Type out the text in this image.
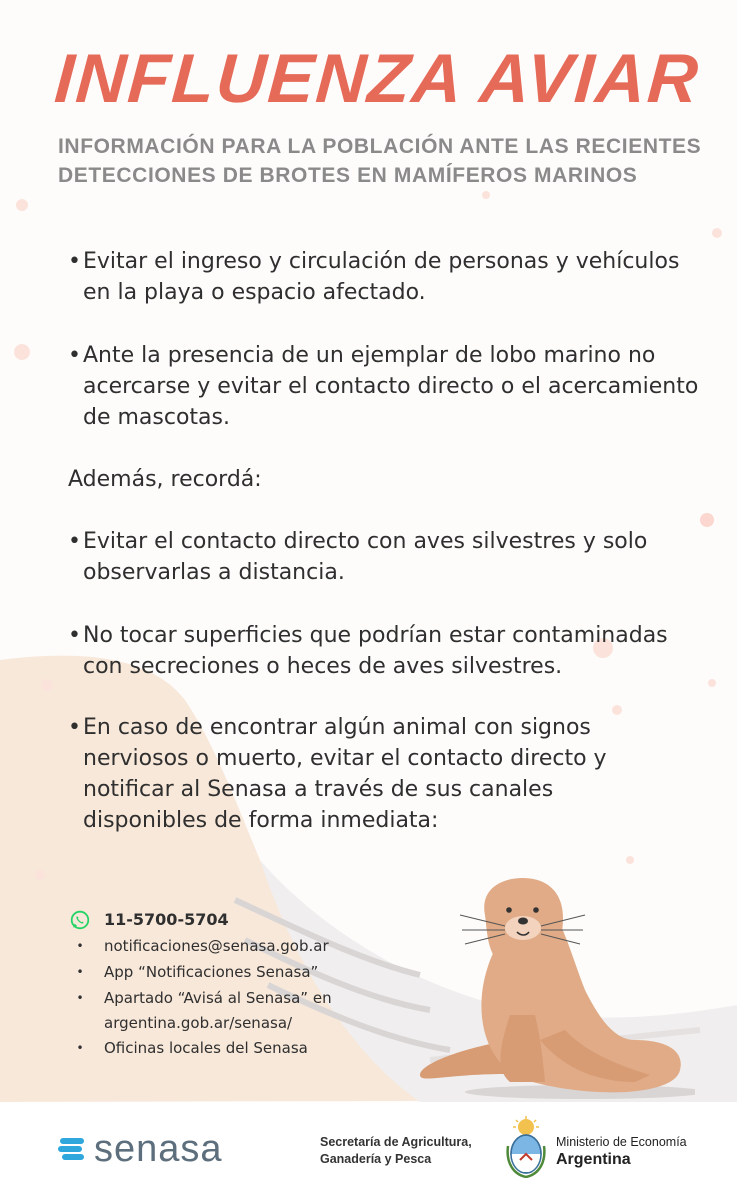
INFLUENZA AVIAR
INFORMACIÓN PARA LA POBLACIÓN ANTE LAS RECIENTES
DETECCIONES DE BROTES EN MAMÍFEROS MARINOS
• Evitar el ingreso y circulación de personas y vehículos en la playa o espacio afectado.
• Ante la presencia de un ejemplar de lobo marino no acercarse y evitar el contacto directo o el acercamiento de mascotas.
Además, recordá:
• Evitar el contacto directo con aves silvestres y solo observarlas a distancia.
• No tocar superficies que podrían estar contaminadas con secreciones o heces de aves silvestres.
• En caso de encontrar algún animal con signos nerviosos o muerto, evitar el contacto directo y notificar al Senasa a través de sus canales disponibles de forma inmediata:
11-5700-5704
•	notificaciones@senasa.gob.ar
•	App “Notificaciones Senasa”
•	Apartado “Avisá al Senasa” en
argentina.gob.ar/senasa/
•	Oficinas locales del Senasa
senasa	Secretaría de Agricultura,
Ganadería y Pesca
Ministerio de Economía
Argentina
